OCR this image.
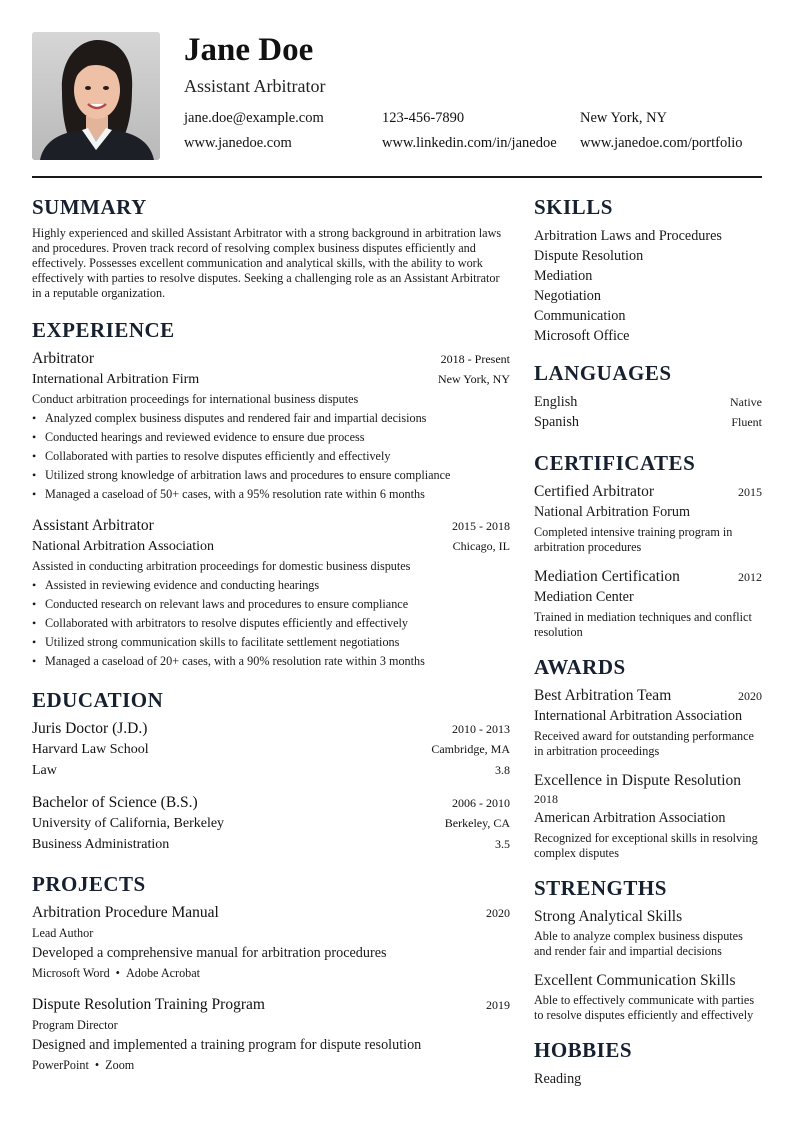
Jane Doe
Assistant Arbitrator
jane.doe@example.com	123-456-7890	New York, NY
www.janedoe.com	www.linkedin.com/in/janedoe www.janedoe.com/portfolio
SUMMARY
Highly experienced and skilled Assistant Arbitrator with a strong background in arbitration laws and procedures. Proven track record of resolving complex business disputes efficiently and effectively. Possesses excellent communication and analytical skills, with the ability to work effectively with parties to resolve disputes. Seeking a challenging role as an Assistant Arbitrator in a reputable organization.
EXPERIENCE
Arbitrator	2018 - Present
International Arbitration Firm	New York, NY
Conduct arbitration proceedings for international business disputes
• Analyzed complex business disputes and rendered fair and impartial decisions
• Conducted hearings and reviewed evidence to ensure due process
• Collaborated with parties to resolve disputes efficiently and effectively
• Utilized strong knowledge of arbitration laws and procedures to ensure compliance
• Managed a caseload of 50+ cases, with a 95% resolution rate within 6 months
Assistant Arbitrator	2015 - 2018
National Arbitration Association	Chicago, IL
Assisted in conducting arbitration proceedings for domestic business disputes
• Assisted in reviewing evidence and conducting hearings
• Conducted research on relevant laws and procedures to ensure compliance
• Collaborated with arbitrators to resolve disputes efficiently and effectively
• Utilized strong communication skills to facilitate settlement negotiations
• Managed a caseload of 20+ cases, with a 90% resolution rate within 3 months
EDUCATION
Juris Doctor (J.D.)	2010 - 2013
Harvard Law School	Cambridge, MA
Law	3.8
Bachelor of Science (B.S.)	2006 - 2010
University of California, Berkeley	Berkeley, CA
Business Administration	3.5
PROJECTS
Arbitration Procedure Manual	2020
Lead Author
Developed a comprehensive manual for arbitration procedures
Microsoft Word • Adobe Acrobat
Dispute Resolution Training Program	2019
Program Director
Designed and implemented a training program for dispute resolution
PowerPoint • Zoom
SKILLS
Arbitration Laws and Procedures
Dispute Resolution
Mediation
Negotiation
Communication
Microsoft Office
LANGUAGES
English	Native
Spanish	Fluent
CERTIFICATES
Certified Arbitrator	2015
National Arbitration Forum
Completed intensive training program in arbitration procedures
Mediation Certification	2012
Mediation Center
Trained in mediation techniques and conflict resolution
AWARDS
Best Arbitration Team	2020
International Arbitration Association
Received award for outstanding performance in arbitration proceedings
Excellence in Dispute Resolution
2018
American Arbitration Association
Recognized for exceptional skills in resolving complex disputes
STRENGTHS
Strong Analytical Skills
Able to analyze complex business disputes and render fair and impartial decisions
Excellent Communication Skills
Able to effectively communicate with parties to resolve disputes efficiently and effectively
HOBBIES
Reading
